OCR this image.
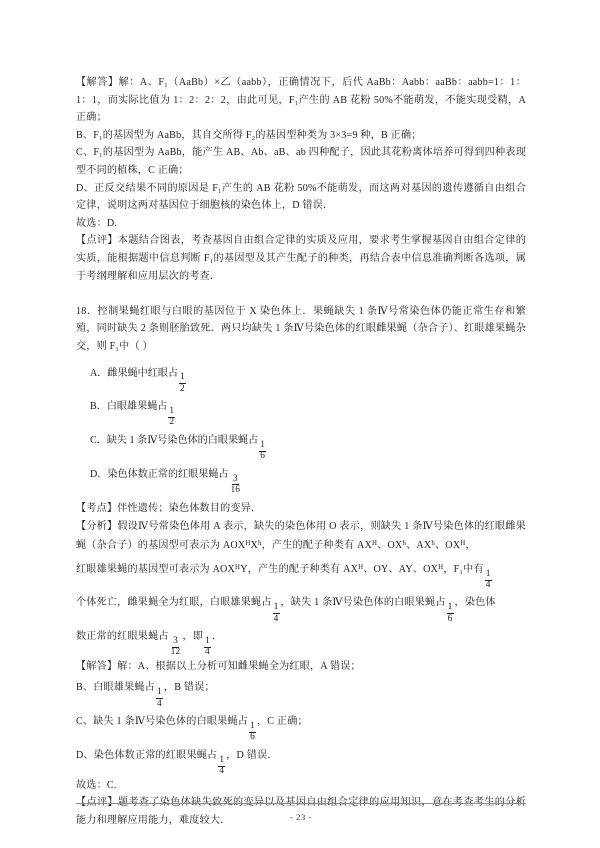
【解答】解：A、F₁（AaBb）×乙（aabb），正确情况下，后代 AaBb：Aabb：aaBb：aabb=1：1：1：1，而实际比值为 1：2：2：2，由此可见，F₁产生的 AB 花粉 50%不能萌发，不能实现受精，A 正确；

B、F₁的基因型为 AaBb，其自交所得 F₂的基因型种类为 3×3=9 种，B 正确；

C、F₁的基因型为 AaBb，能产生 AB、Ab、aB、ab 四种配子，因此其花粉离体培养可得到四种表现型不同的植株，C 正确；

D、正反交结果不同的原因是 F₁产生的 AB 花粉 50%不能萌发，而这两对基因的遗传遵循自由组合定律，说明这两对基因位于细胞核的染色体上，D 错误．

故选：D.

【点评】本题结合图表，考查基因自由组合定律的实质及应用，要求考生掌握基因自由组合定律的实质，能根据题中信息判断 F₁的基因型及其产生配子的种类，再结合表中信息准确判断各选项，属于考纲理解和应用层次的考查．

18．控制果蝇红眼与白眼的基因位于 X 染色体上．果蝇缺失 1 条Ⅳ号常染色体仍能正常生存和繁殖，同时缺失 2 条则胚胎致死．两只均缺失 1 条Ⅳ号染色体的红眼雌果蝇（杂合子）、红眼雄果蝇杂交，则 F₁中（ ）

A．雌果蝇中红眼占
$\frac{1}{2}$
B．白眼雄果蝇占
$\frac{1}{2}$
C．缺失 1 条Ⅳ号染色体的白眼果蝇占
$\frac{1}{6}$
D．染色体数正常的红眼果蝇占
$\frac{3}{16}$

【考点】伴性遗传；染色体数目的变异．

【分析】假设Ⅳ号常染色体用 A 表示，缺失的染色体用 O 表示，则缺失 1 条Ⅳ号染色体的红眼雌果蝇（杂合子）的基因型可表示为 $AOX^HX^h$，产生的配子种类有 $AX^H$、$OX^h$、$AX^h$、$OX^H$，

红眼雄果蝇的基因型可表示为 $AOX^HY$，产生的配子种类有 $AX^H$、OY、AY、$OX^H$，F₁中有
$\frac{1}{4}$

个体死亡，雌果蝇全为红眼，白眼雄果蝇占
$\frac{1}{4}$
，缺失 1 条Ⅳ号染色体的白眼果蝇占
$\frac{1}{6}$
，染色体

数正常的红眼果蝇占
$\frac{3}{12}$
，即
$\frac{1}{4}$
．

【解答】解：A、根据以上分析可知雌果蝇全为红眼，A 错误；

B、白眼雄果蝇占
$\frac{1}{4}$
，B 错误；

C、缺失 1 条Ⅳ号染色体的白眼果蝇占
$\frac{1}{6}$
，C 正确；

D、染色体数正常的红眼果蝇占
$\frac{1}{4}$
，D 错误．

故选：C.

【点评】题考查了染色体缺失致死的变异以及基因自由组合定律的应用知识，意在考查考生的分析能力和理解应用能力，难度较大．	- 23 -
